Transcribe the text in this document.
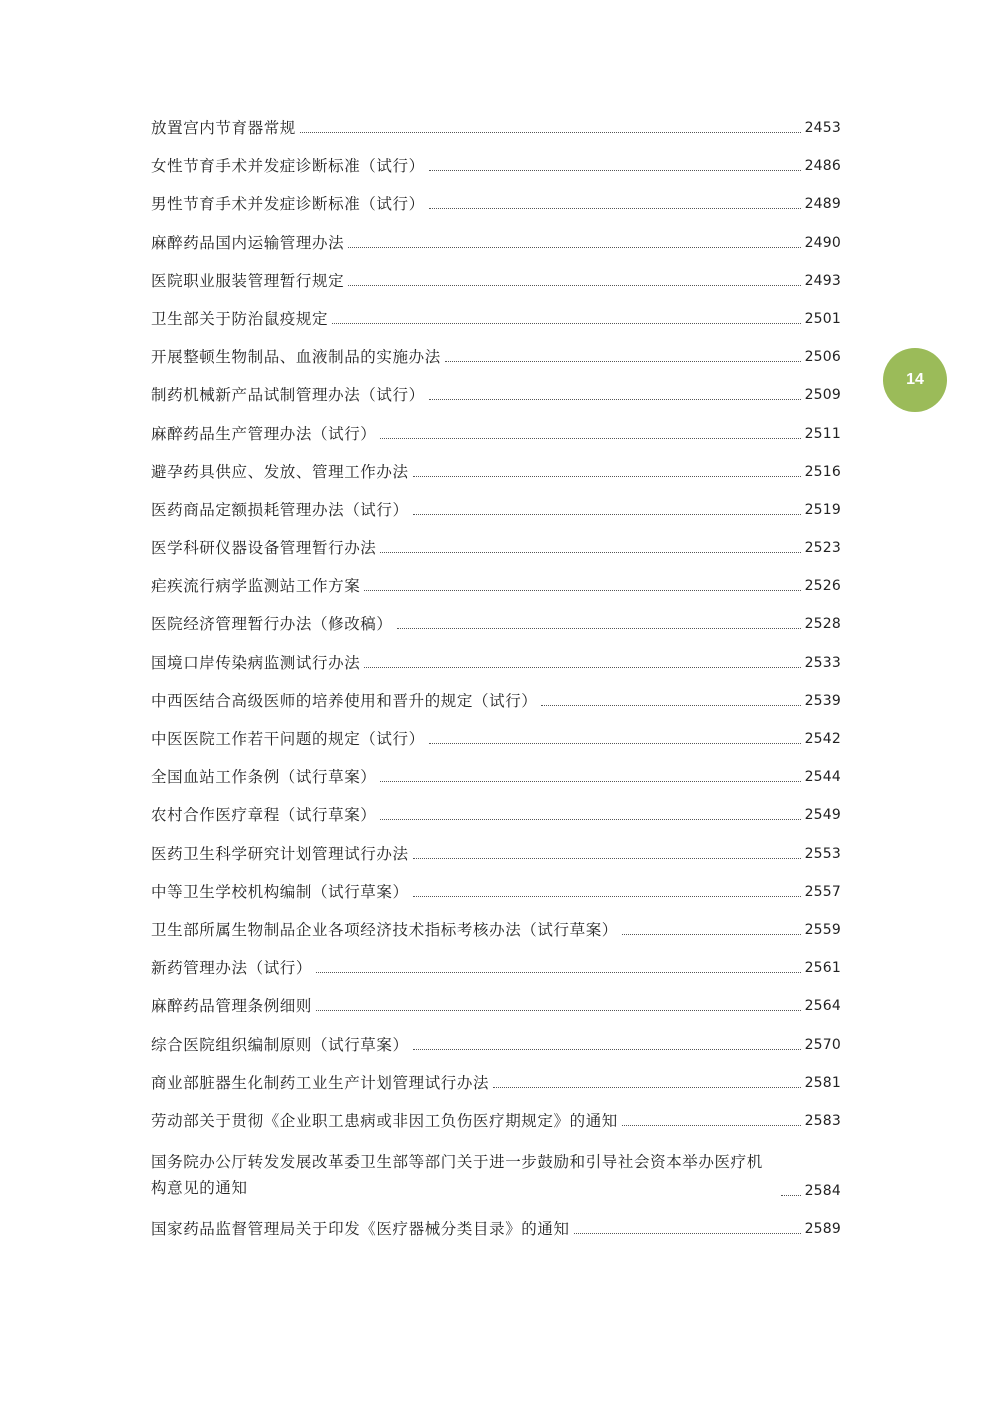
放置宫内节育器常规	2453
女性节育手术并发症诊断标准（试行）	2486
男性节育手术并发症诊断标准（试行）	2489
麻醉药品国内运输管理办法	2490
医院职业服装管理暂行规定	2493
卫生部关于防治鼠疫规定	2501
开展整顿生物制品、血液制品的实施办法	2506
制药机械新产品试制管理办法（试行）	2509
麻醉药品生产管理办法（试行）	2511
避孕药具供应、发放、管理工作办法	2516
医药商品定额损耗管理办法（试行）	2519
医学科研仪器设备管理暂行办法	2523
疟疾流行病学监测站工作方案	2526
医院经济管理暂行办法（修改稿）	2528
国境口岸传染病监测试行办法	2533
中西医结合高级医师的培养使用和晋升的规定（试行）	2539
中医医院工作若干问题的规定（试行）	2542
全国血站工作条例（试行草案）	2544
农村合作医疗章程（试行草案）	2549
医药卫生科学研究计划管理试行办法	2553
中等卫生学校机构编制（试行草案）	2557
卫生部所属生物制品企业各项经济技术指标考核办法（试行草案）	2559
新药管理办法（试行）	2561
麻醉药品管理条例细则	2564
综合医院组织编制原则（试行草案）	2570
商业部脏器生化制药工业生产计划管理试行办法	2581
劳动部关于贯彻《企业职工患病或非因工负伤医疗期规定》的通知	2583
国务院办公厅转发发展改革委卫生部等部门关于进一步鼓励和引导社会资本举办医疗机构意见的通知	2584
国家药品监督管理局关于印发《医疗器械分类目录》的通知	2589
14
